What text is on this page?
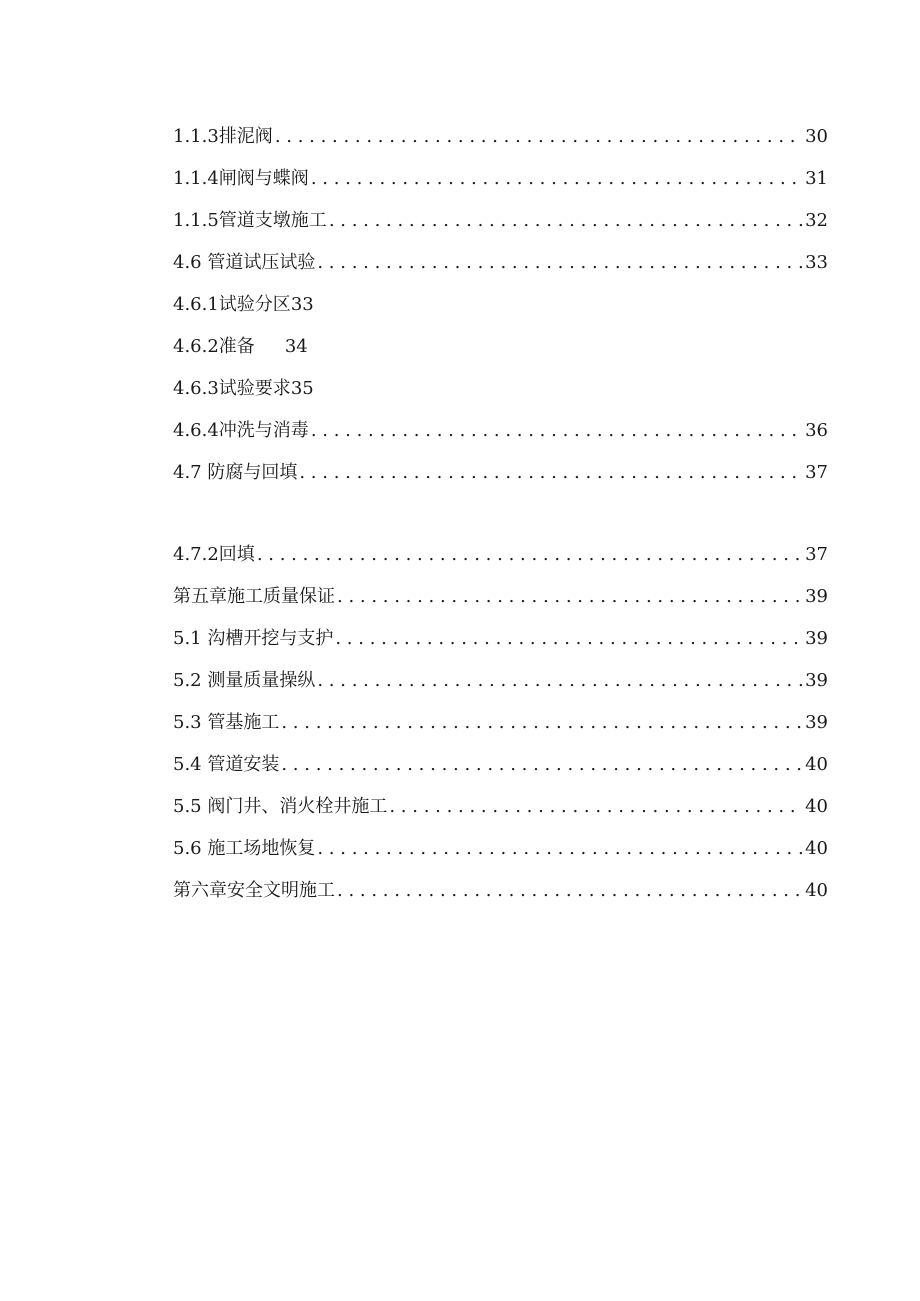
1.1.3排泥阀 . . .	30
1.1.4闸阀与蝶阀 . . .	31
1.1.5管道支墩施工 . . .	32
4.6 管道试压试验 . . .	33
4.6.1试验分区 33
4.6.2准备 34
4.6.3试验要求 35
4.6.4冲洗与消毒 . . .	36
4.7 防腐与回填 . . .	37
4.7.2回填 . . .	37
第五章施工质量保证 . . .	39
5.1 沟槽开挖与支护 . . .	39
5.2 测量质量操纵 . . .	39
5.3 管基施工 . . .	39
5.4 管道安装 . . .	40
5.5 阀门井、消火栓井施工 . . .	40
5.6 施工场地恢复 . . .	40
第六章安全文明施工 . . .	40
